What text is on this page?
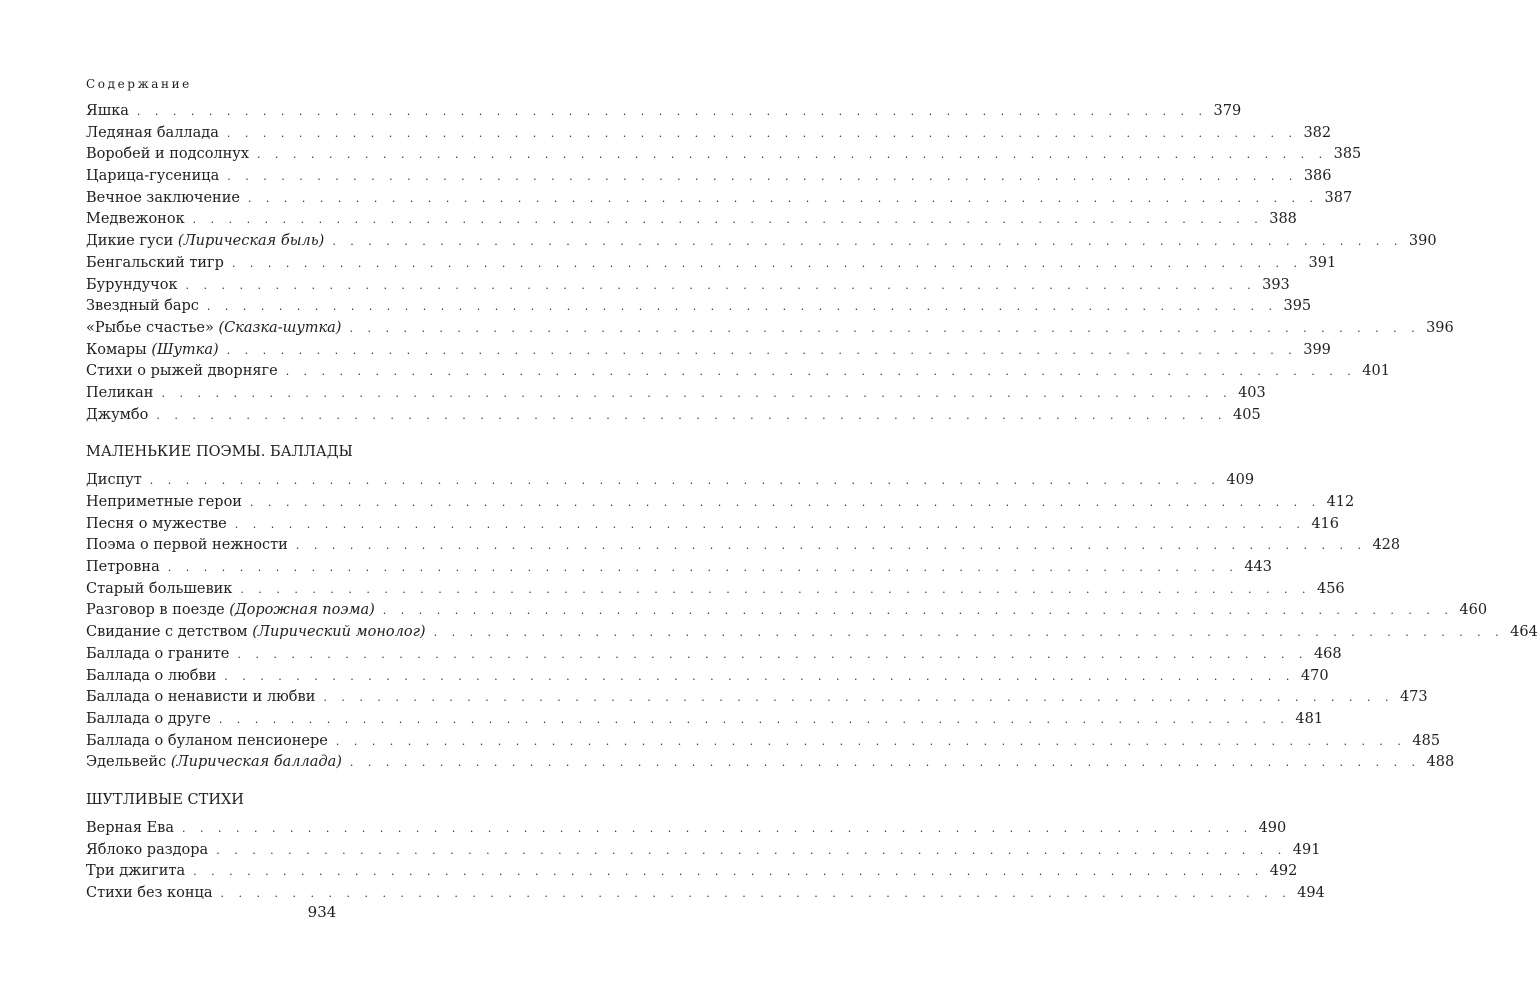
Содержание
Яшка . . . . . . . . . . . . . . . . . . . . . . . . . . . . . . . . . . . . . . . . . . . . . . . . . . . . . . . . . . . . 379
Ледяная баллада . . . . . . . . . . . . . . . . . . . . . . . . . . . . . . . . . . . . . . . . . . . . . . . . . . . . . . . . . . . . 382
Воробей и подсолнух . . . . . . . . . . . . . . . . . . . . . . . . . . . . . . . . . . . . . . . . . . . . . . . . . . . . . . . . . . . . 385
Царица-гусеница . . . . . . . . . . . . . . . . . . . . . . . . . . . . . . . . . . . . . . . . . . . . . . . . . . . . . . . . . . . . 386
Вечное заключение . . . . . . . . . . . . . . . . . . . . . . . . . . . . . . . . . . . . . . . . . . . . . . . . . . . . . . . . . . . . 387
Медвежонок . . . . . . . . . . . . . . . . . . . . . . . . . . . . . . . . . . . . . . . . . . . . . . . . . . . . . . . . . . . . 388
Дикие гуси (Лирическая быль) . . . . . . . . . . . . . . . . . . . . . . . . . . . . . . . . . . . . . . . . . . . . . . . . . . . . . . . . . . . . 390
Бенгальский тигр . . . . . . . . . . . . . . . . . . . . . . . . . . . . . . . . . . . . . . . . . . . . . . . . . . . . . . . . . . . . 391
Бурундучок . . . . . . . . . . . . . . . . . . . . . . . . . . . . . . . . . . . . . . . . . . . . . . . . . . . . . . . . . . . . 393
Звездный барс . . . . . . . . . . . . . . . . . . . . . . . . . . . . . . . . . . . . . . . . . . . . . . . . . . . . . . . . . . . . 395
«Рыбье счастье» (Сказка-шутка) . . . . . . . . . . . . . . . . . . . . . . . . . . . . . . . . . . . . . . . . . . . . . . . . . . . . . . . . . . . . 396
Комары (Шутка) . . . . . . . . . . . . . . . . . . . . . . . . . . . . . . . . . . . . . . . . . . . . . . . . . . . . . . . . . . . . 399
Стихи о рыжей дворняге . . . . . . . . . . . . . . . . . . . . . . . . . . . . . . . . . . . . . . . . . . . . . . . . . . . . . . . . . . . . 401
Пеликан . . . . . . . . . . . . . . . . . . . . . . . . . . . . . . . . . . . . . . . . . . . . . . . . . . . . . . . . . . . . 403
Джумбо . . . . . . . . . . . . . . . . . . . . . . . . . . . . . . . . . . . . . . . . . . . . . . . . . . . . . . . . . . . . 405
МАЛЕНЬКИЕ ПОЭМЫ. БАЛЛАДЫ
Диспут . . . . . . . . . . . . . . . . . . . . . . . . . . . . . . . . . . . . . . . . . . . . . . . . . . . . . . . . . . . . 409
Неприметные герои . . . . . . . . . . . . . . . . . . . . . . . . . . . . . . . . . . . . . . . . . . . . . . . . . . . . . . . . . . . . 412
Песня о мужестве . . . . . . . . . . . . . . . . . . . . . . . . . . . . . . . . . . . . . . . . . . . . . . . . . . . . . . . . . . . . 416
Поэма о первой нежности . . . . . . . . . . . . . . . . . . . . . . . . . . . . . . . . . . . . . . . . . . . . . . . . . . . . . . . . . . . . 428
Петровна . . . . . . . . . . . . . . . . . . . . . . . . . . . . . . . . . . . . . . . . . . . . . . . . . . . . . . . . . . . . 443
Старый большевик . . . . . . . . . . . . . . . . . . . . . . . . . . . . . . . . . . . . . . . . . . . . . . . . . . . . . . . . . . . . 456
Разговор в поезде (Дорожная поэма) . . . . . . . . . . . . . . . . . . . . . . . . . . . . . . . . . . . . . . . . . . . . . . . . . . . . . . . . . . . . 460
Свидание с детством (Лирический монолог) . . . . . . . . . . . . . . . . . . . . . . . . . . . . . . . . . . . . . . . . . . . . . . . . . . . . . . . . . . . . 464
Баллада о граните . . . . . . . . . . . . . . . . . . . . . . . . . . . . . . . . . . . . . . . . . . . . . . . . . . . . . . . . . . . . 468
Баллада о любви . . . . . . . . . . . . . . . . . . . . . . . . . . . . . . . . . . . . . . . . . . . . . . . . . . . . . . . . . . . . 470
Баллада о ненависти и любви . . . . . . . . . . . . . . . . . . . . . . . . . . . . . . . . . . . . . . . . . . . . . . . . . . . . . . . . . . . . 473
Баллада о друге . . . . . . . . . . . . . . . . . . . . . . . . . . . . . . . . . . . . . . . . . . . . . . . . . . . . . . . . . . . . 481
Баллада о буланом пенсионере . . . . . . . . . . . . . . . . . . . . . . . . . . . . . . . . . . . . . . . . . . . . . . . . . . . . . . . . . . . . 485
Эдельвейс (Лирическая баллада) . . . . . . . . . . . . . . . . . . . . . . . . . . . . . . . . . . . . . . . . . . . . . . . . . . . . . . . . . . . . 488
ШУТЛИВЫЕ СТИХИ
Верная Ева . . . . . . . . . . . . . . . . . . . . . . . . . . . . . . . . . . . . . . . . . . . . . . . . . . . . . . . . . . . . 490
Яблоко раздора . . . . . . . . . . . . . . . . . . . . . . . . . . . . . . . . . . . . . . . . . . . . . . . . . . . . . . . . . . . . 491
Три джигита . . . . . . . . . . . . . . . . . . . . . . . . . . . . . . . . . . . . . . . . . . . . . . . . . . . . . . . . . . . . 492
Стихи без конца . . . . . . . . . . . . . . . . . . . . . . . . . . . . . . . . . . . . . . . . . . . . . . . . . . . . . . . . . . . . 494
934
